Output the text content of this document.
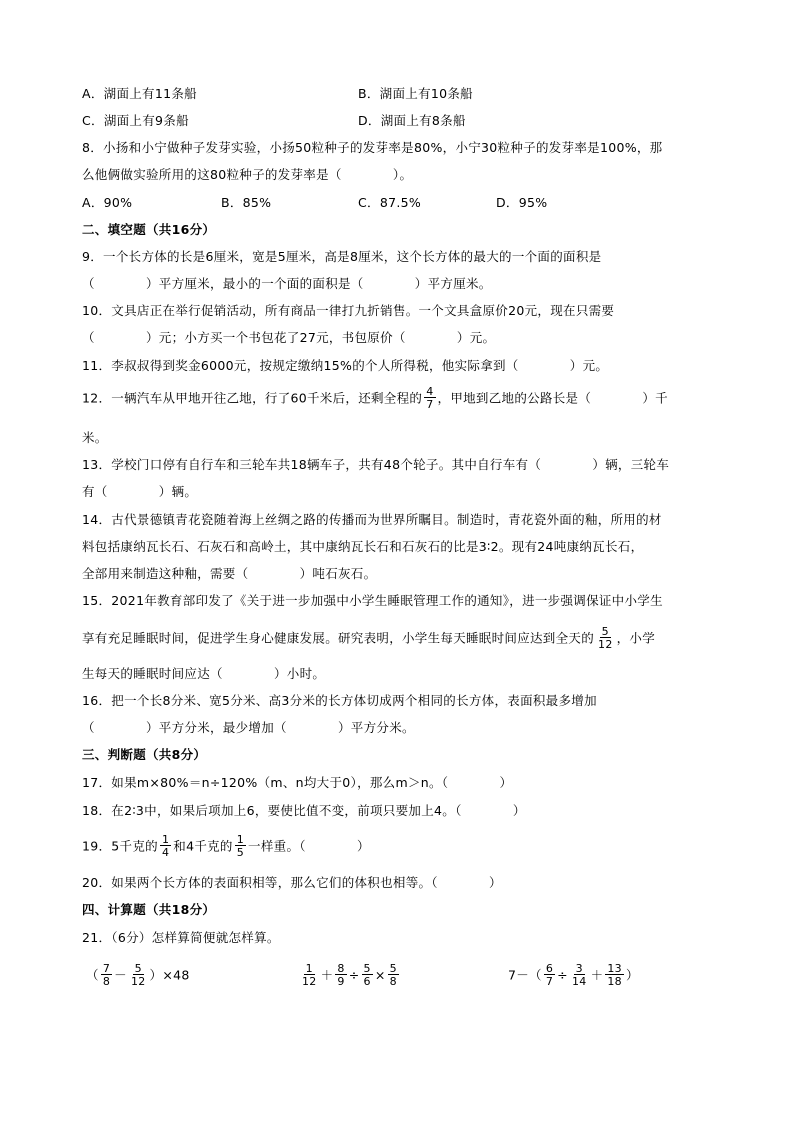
A．湖面上有11条船	B．湖面上有10条船
C．湖面上有9条船	D．湖面上有8条船
8．小扬和小宁做种子发芽实验，小扬50粒种子的发芽率是80%，小宁30粒种子的发芽率是100%，那
么他俩做实验所用的这80粒种子的发芽率是（　　　　）。
A．90%	B．85%	C．87.5%	D．95%
二、填空题（共16分）
9．一个长方体的长是6厘米，宽是5厘米，高是8厘米，这个长方体的最大的一个面的面积是
（　　　　）平方厘米，最小的一个面的面积是（　　　　）平方厘米。
10．文具店正在举行促销活动，所有商品一律打九折销售。一个文具盒原价20元，现在只需要
（　　　　）元；小方买一个书包花了27元，书包原价（　　　　）元。
11．李叔叔得到奖金6000元，按规定缴纳15%的个人所得税，他实际拿到（　　　　）元。
12．一辆汽车从甲地开往乙地，行了60千米后，还剩全程的 $\frac{4}{7}$ ，甲地到乙地的公路长是（　　　　）千
米。
13．学校门口停有自行车和三轮车共18辆车子，共有48个轮子。其中自行车有（　　　　）辆，三轮车
有（　　　　）辆。
14．古代景德镇青花瓷随着海上丝绸之路的传播而为世界所瞩目。制造时，青花瓷外面的釉，所用的材
料包括康纳瓦长石、石灰石和高岭土，其中康纳瓦长石和石灰石的比是3∶2。现有24吨康纳瓦长石，
全部用来制造这种釉，需要（　　　　）吨石灰石。
15．2021年教育部印发了《关于进一步加强中小学生睡眠管理工作的通知》，进一步强调保证中小学生
享有充足睡眠时间，促进学生身心健康发展。研究表明，小学生每天睡眠时间应达到全天的 $\frac{5}{12}$ ，小学
生每天的睡眠时间应达（　　　　）小时。
16．把一个长8分米、宽5分米、高3分米的长方体切成两个相同的长方体，表面积最多增加
（　　　　）平方分米，最少增加（　　　　）平方分米。
三、判断题（共8分）
17．如果m×80%＝n÷120%（m、n均大于0），那么m＞n。（　　　　）
18．在2∶3中，如果后项加上6，要使比值不变，前项只要加上4。（　　　　）
19．5千克的 $\frac{1}{4}$ 和4千克的 $\frac{1}{5}$ 一样重。（　　　　）
20．如果两个长方体的表面积相等，那么它们的体积也相等。（　　　　）
四、计算题（共18分）
21．（6分）怎样算简便就怎样算。
（ $\frac{7}{8} - \frac{5}{12} )\times 48$	$\frac{1}{12} + \frac{8}{9} \div \frac{5}{6} \times \frac{5}{8}$	$7-( \frac{6}{7} \div \frac{3}{14} + \frac{13}{18}$ ）
